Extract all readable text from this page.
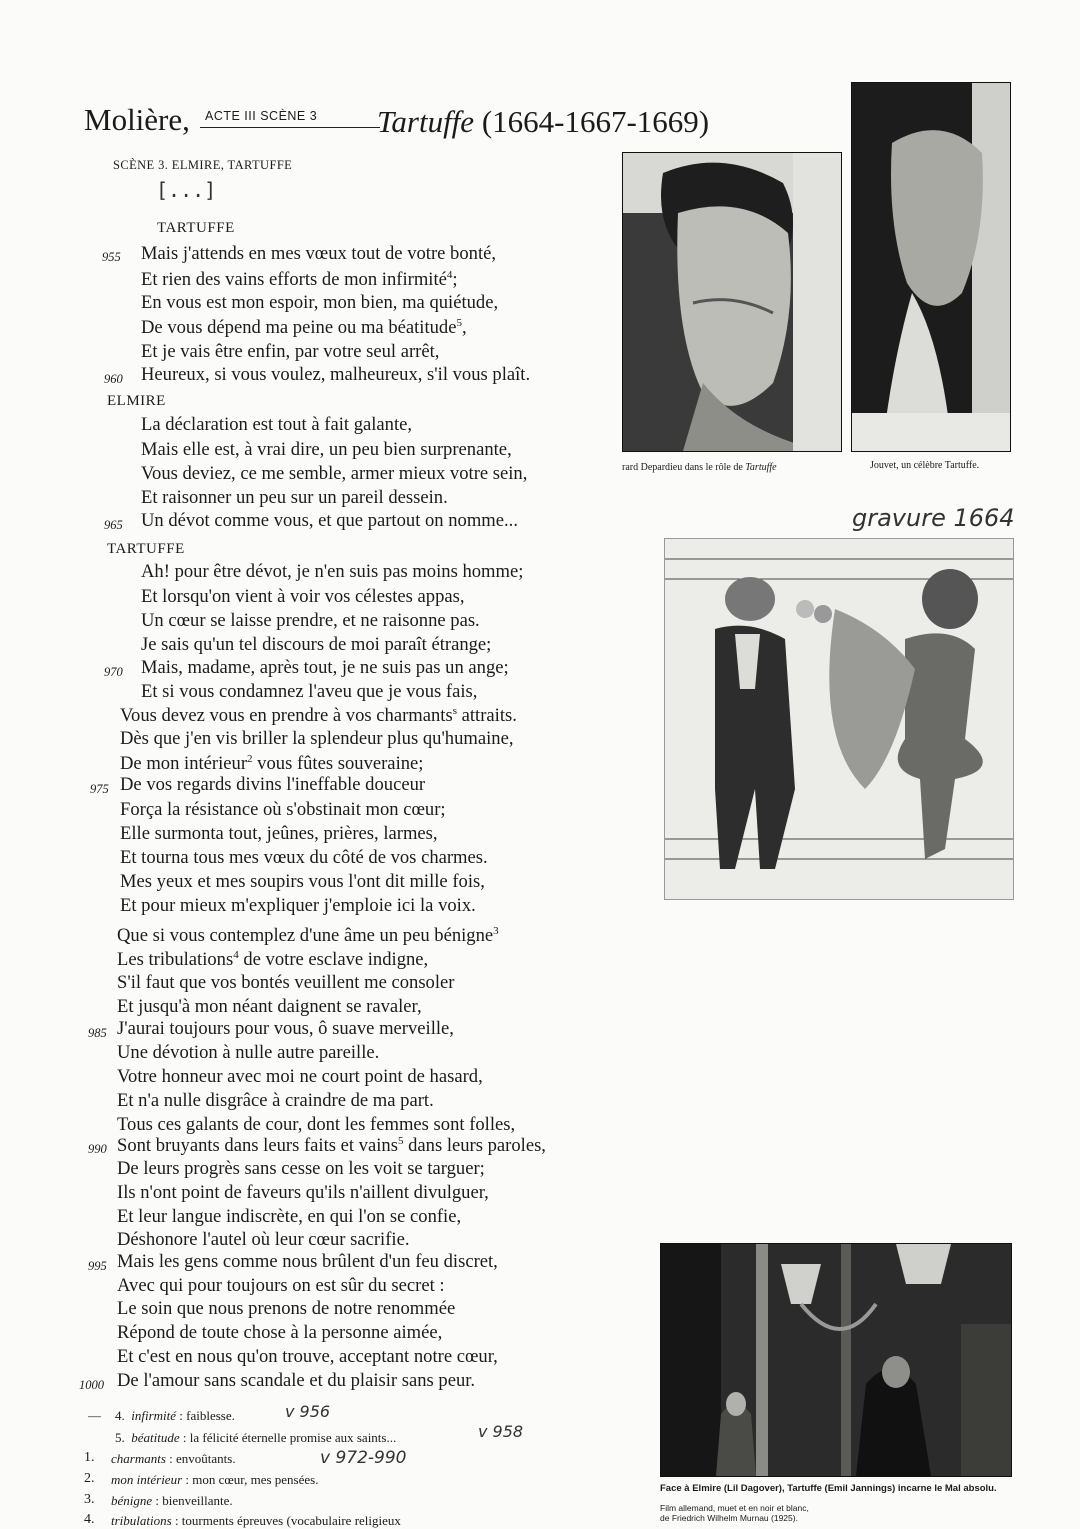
Molière, ACTE III SCÈNE 3 Tartuffe (1664-1667-1669)
SCÈNE 3. ELMIRE, TARTUFFE
[...]
TARTUFFE
955 Mais j'attends en mes vœux tout de votre bonté,
Et rien des vains efforts de mon infirmité$^4$;
En vous est mon espoir, mon bien, ma quiétude,
De vous dépend ma peine ou ma béatitude$^5$,
Et je vais être enfin, par votre seul arrêt,
960 Heureux, si vous voulez, malheureux, s'il vous plaît.
ELMIRE
La déclaration est tout à fait galante,
Mais elle est, à vrai dire, un peu bien surprenante,
Vous deviez, ce me semble, armer mieux votre sein,
Et raisonner un peu sur un pareil dessein.
965 Un dévot comme vous, et que partout on nomme...
TARTUFFE
Ah! pour être dévot, je n'en suis pas moins homme;
Et lorsqu'on vient à voir vos célestes appas,
Un cœur se laisse prendre, et ne raisonne pas.
Je sais qu'un tel discours de moi paraît étrange;
970 Mais, madame, après tout, je ne suis pas un ange;
Et si vous condamnez l'aveu que je vous fais,
Vous devez vous en prendre à vos charmants$^s$ attraits.
Dès que j'en vis briller la splendeur plus qu'humaine,
De mon intérieur$^2$ vous fûtes souveraine;
975 De vos regards divins l'ineffable douceur
Força la résistance où s'obstinait mon cœur;
Elle surmonta tout, jeûnes, prières, larmes,
Et tourna tous mes vœux du côté de vos charmes.
Mes yeux et mes soupirs vous l'ont dit mille fois,
Et pour mieux m'expliquer j'emploie ici la voix.
Que si vous contemplez d'une âme un peu bénigne$^3$
Les tribulations$^4$ de votre esclave indigne,
S'il faut que vos bontés veuillent me consoler
Et jusqu'à mon néant daignent se ravaler,
985 J'aurai toujours pour vous, ô suave merveille,
Une dévotion à nulle autre pareille.
Votre honneur avec moi ne court point de hasard,
Et n'a nulle disgrâce à craindre de ma part.
Tous ces galants de cour, dont les femmes sont folles,
990 Sont bruyants dans leurs faits et vains$^5$ dans leurs paroles,
De leurs progrès sans cesse on les voit se targuer;
Ils n'ont point de faveurs qu'ils n'aillent divulguer,
Et leur langue indiscrète, en qui l'on se confie,
Déshonore l'autel où leur cœur sacrifie.
995 Mais les gens comme nous brûlent d'un feu discret,
Avec qui pour toujours on est sûr du secret :
Le soin que nous prenons de notre renommée
Répond de toute chose à la personne aimée,
Et c'est en nous qu'on trouve, acceptant notre cœur,
1000 De l'amour sans scandale et du plaisir sans peur.
— 4. infirmité : faiblesse.	v 956
5. béatitude : la félicité éternelle promise aux saints...	v 958
1. charmants : envoûtants.	v 972-990
2. mon intérieur : mon cœur, mes pensées.
3. bénigne : bienveillante.
4. tribulations : tourments épreuves (vocabulaire religieux
rard Depardieu dans le rôle de Tartuffe	Jouvet, un célèbre Tartuffe.
gravure 1664
Face à Elmire (Lil Dagover), Tartuffe (Emil Jannings) incarne le Mal absolu.
Film allemand, muet et en noir et blanc,
de Friedrich Wilhelm Murnau (1925).
